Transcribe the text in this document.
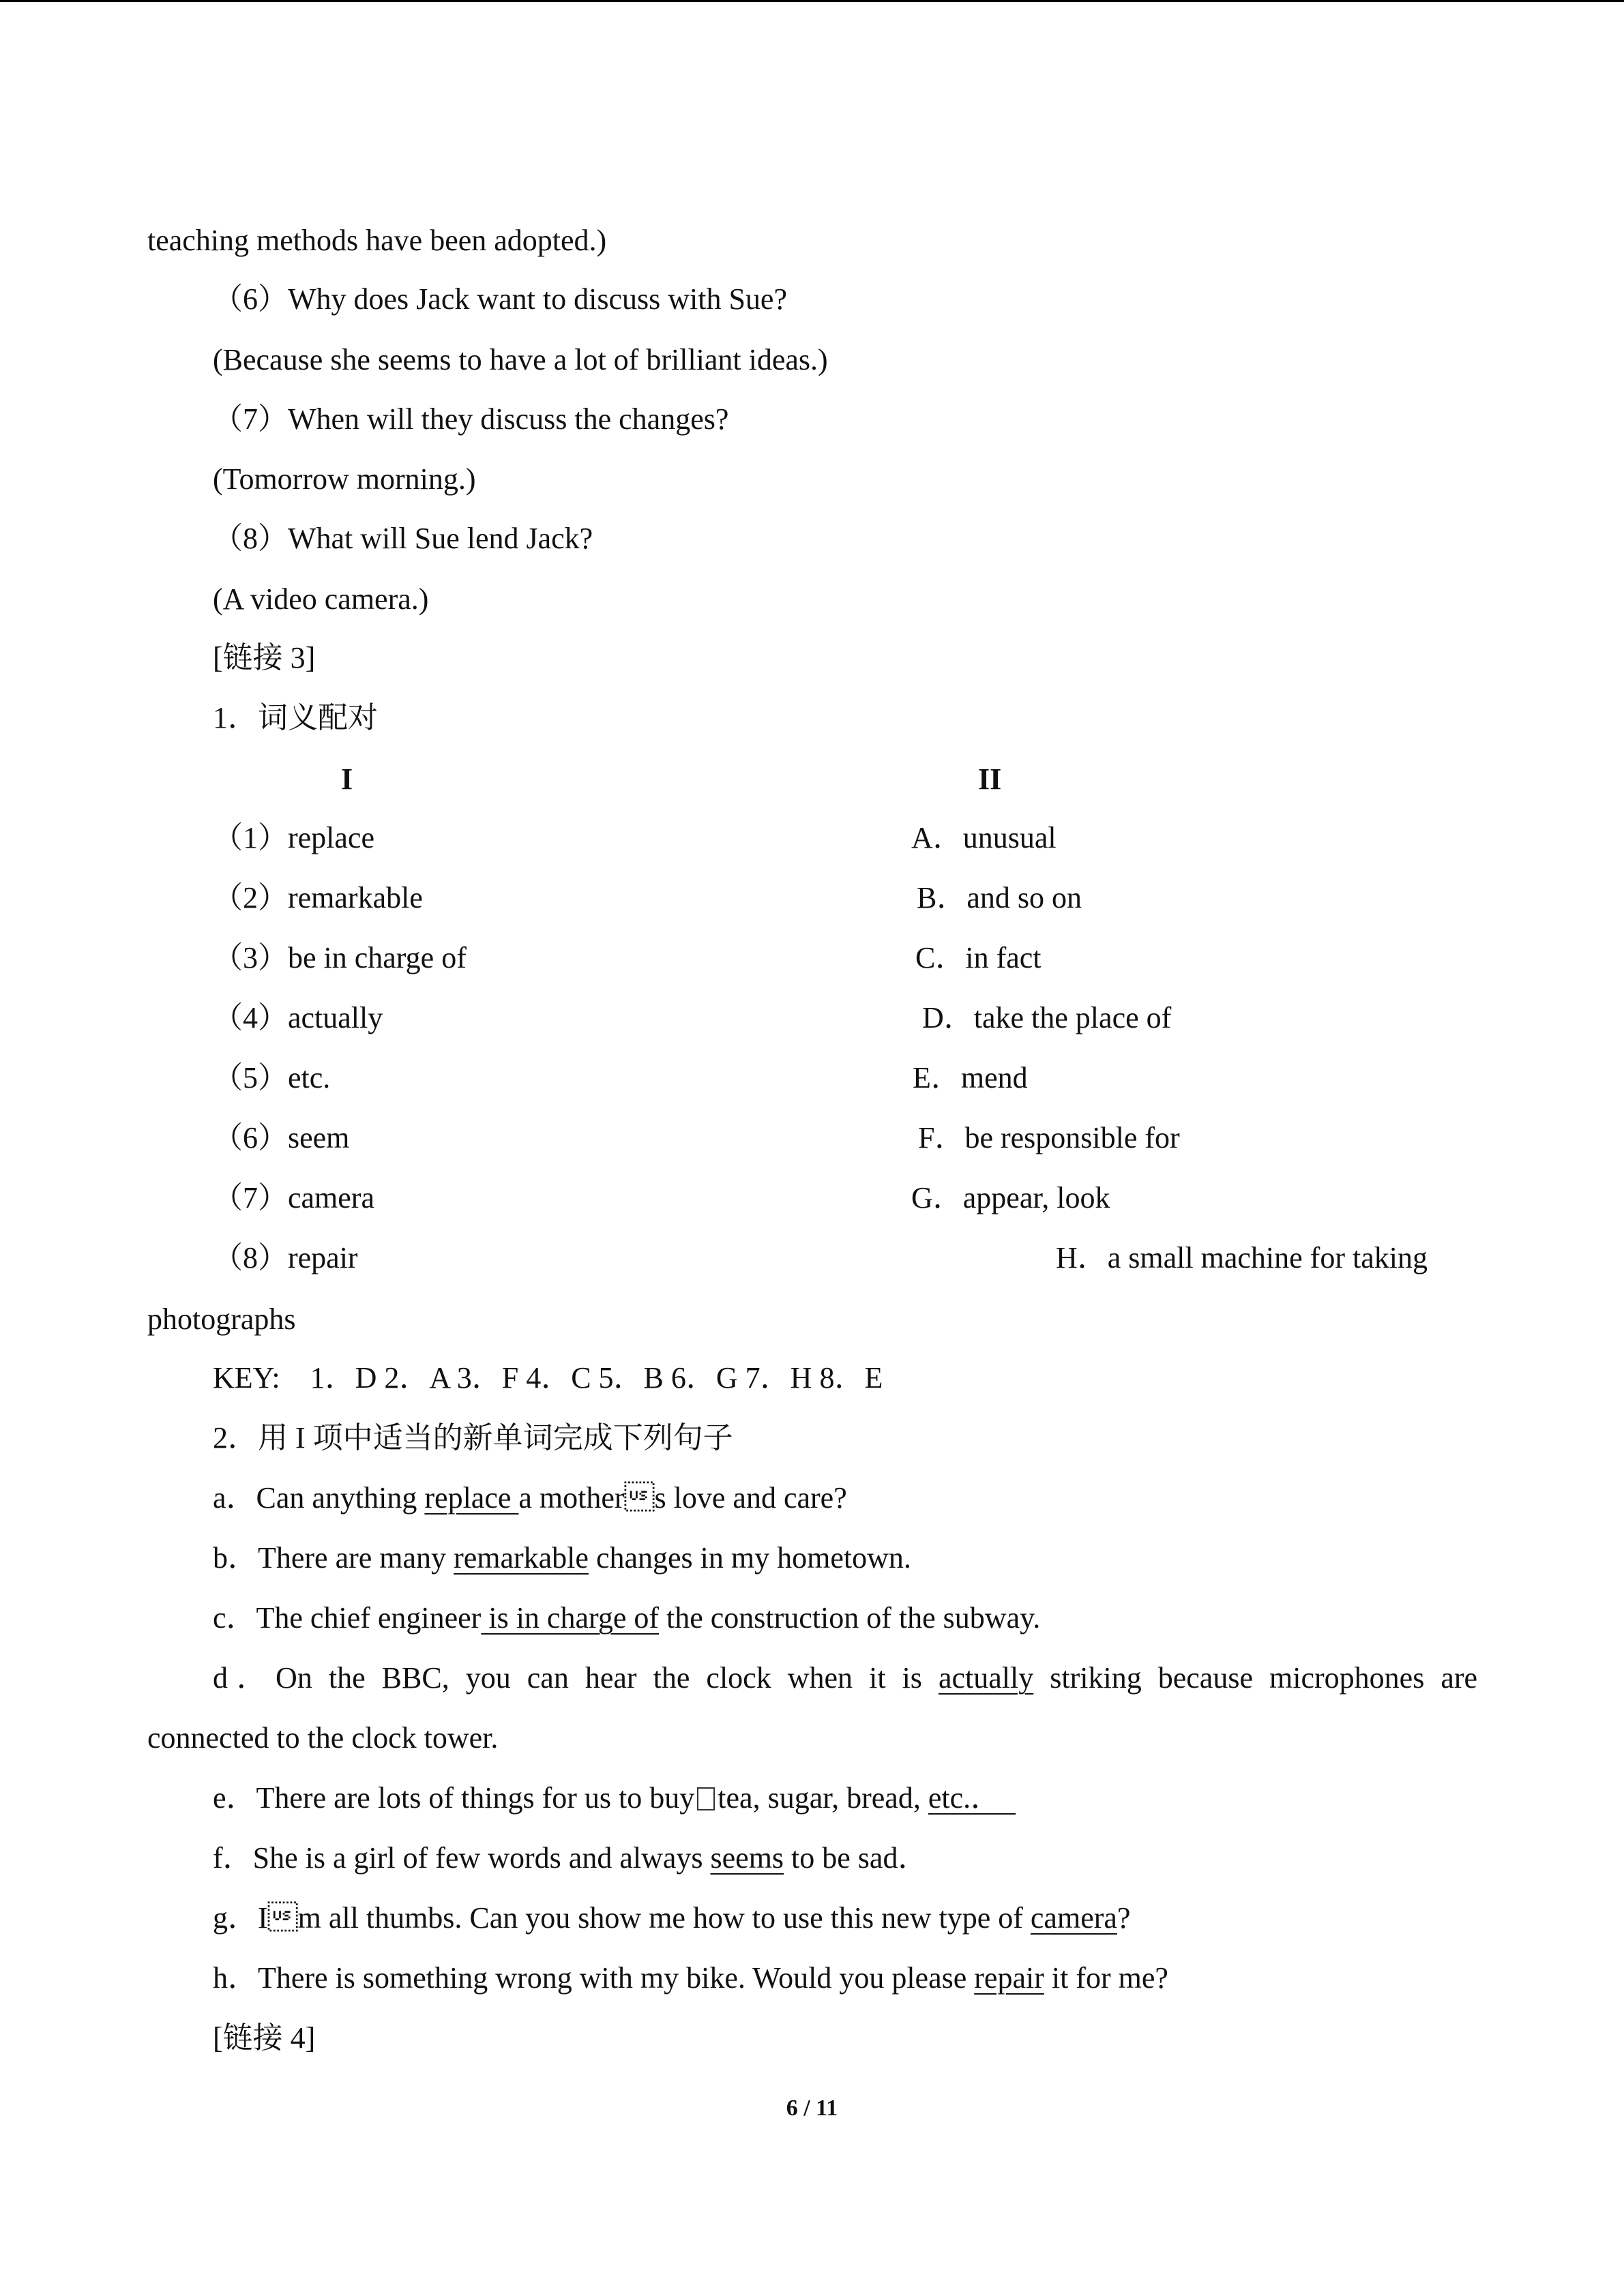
teaching methods have been adopted.)
（6）Why does Jack want to discuss with Sue?
(Because she seems to have a lot of brilliant ideas.)
（7）When will they discuss the changes?
(Tomorrow morning.)
（8）What will Sue lend Jack?
(A video camera.)
[链接 3]
1．词义配对
I	II
（1）replace
（2）remarkable
（3）be in charge of
（4）actually
（5）etc.
（6）seem
（7）camera
（8）repair
A．unusual
B．and so on
C．in fact
D．take the place of
E．mend
F．be responsible for
G．appear, look
H．a small machine for taking
photographs
KEY:    1．D 2．A 3．F 4．C 5．B 6．G 7．H 8．E
2．用 I 项中适当的新单词完成下列句子
a．Can anything replace a mothers love and care?
b．There are many remarkable changes in my hometown.
c．The chief engineer is in charge of the construction of the subway.
d．On the BBC, you can hear the clock when it is actually striking because microphones are
connected to the clock tower.
e．There are lots of things for us to buy tea, sugar, bread, etc.．
f．She is a girl of few words and always seems to be sad．
g．Im all thumbs. Can you show me how to use this new type of camera?
h．There is something wrong with my bike. Would you please repair it for me?
[链接 4]
6 / 11
